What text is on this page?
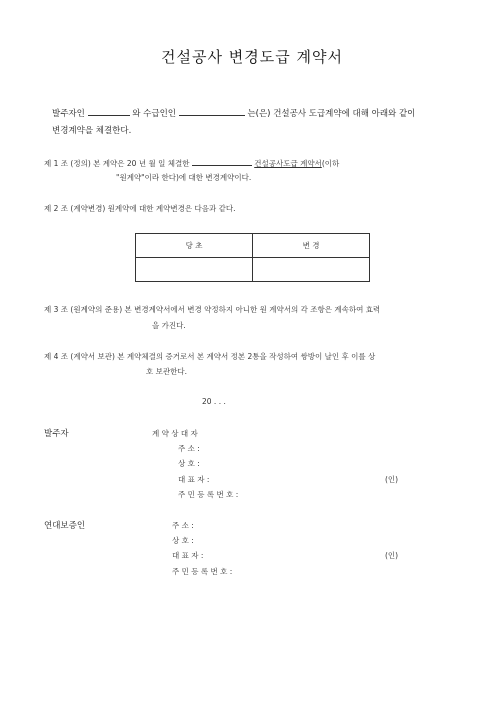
건설공사 변경도급 계약서
발주자인	와 수급인인	는(은) 건설공사 도급계약에 대해 아래와 같이
변경계약을 체결한다.
제 1 조 (정의) 본 계약은 20 년 월 일 체결한	건설공사도급 계약서(이하
"원계약"이라 한다)에 대한 변경계약이다.
제 2 조 (계약변경) 원계약에 대한 계약변경은 다음과 같다.
당 초	변 경

제 3 조 (원계약의 준용) 본 변경계약서에서 변경 약정하지 아니한 원 계약서의 각 조항은 계속하여 효력
을 가진다.
제 4 조 (계약서 보관) 본 계약체결의 증거로서 본 계약서 정본 2통을 작성하여 쌍방이 날인 후 이를 상
호 보관한다.
20 . . .
발주자	계 약 상 대 자
주 소 :
상 호 :
대 표 자 :	(인)
주 민 등 록 번 호 :
연대보증인	주 소 :
상 호 :
대 표 자 :	(인)
주 민 등 록 번 호 :
